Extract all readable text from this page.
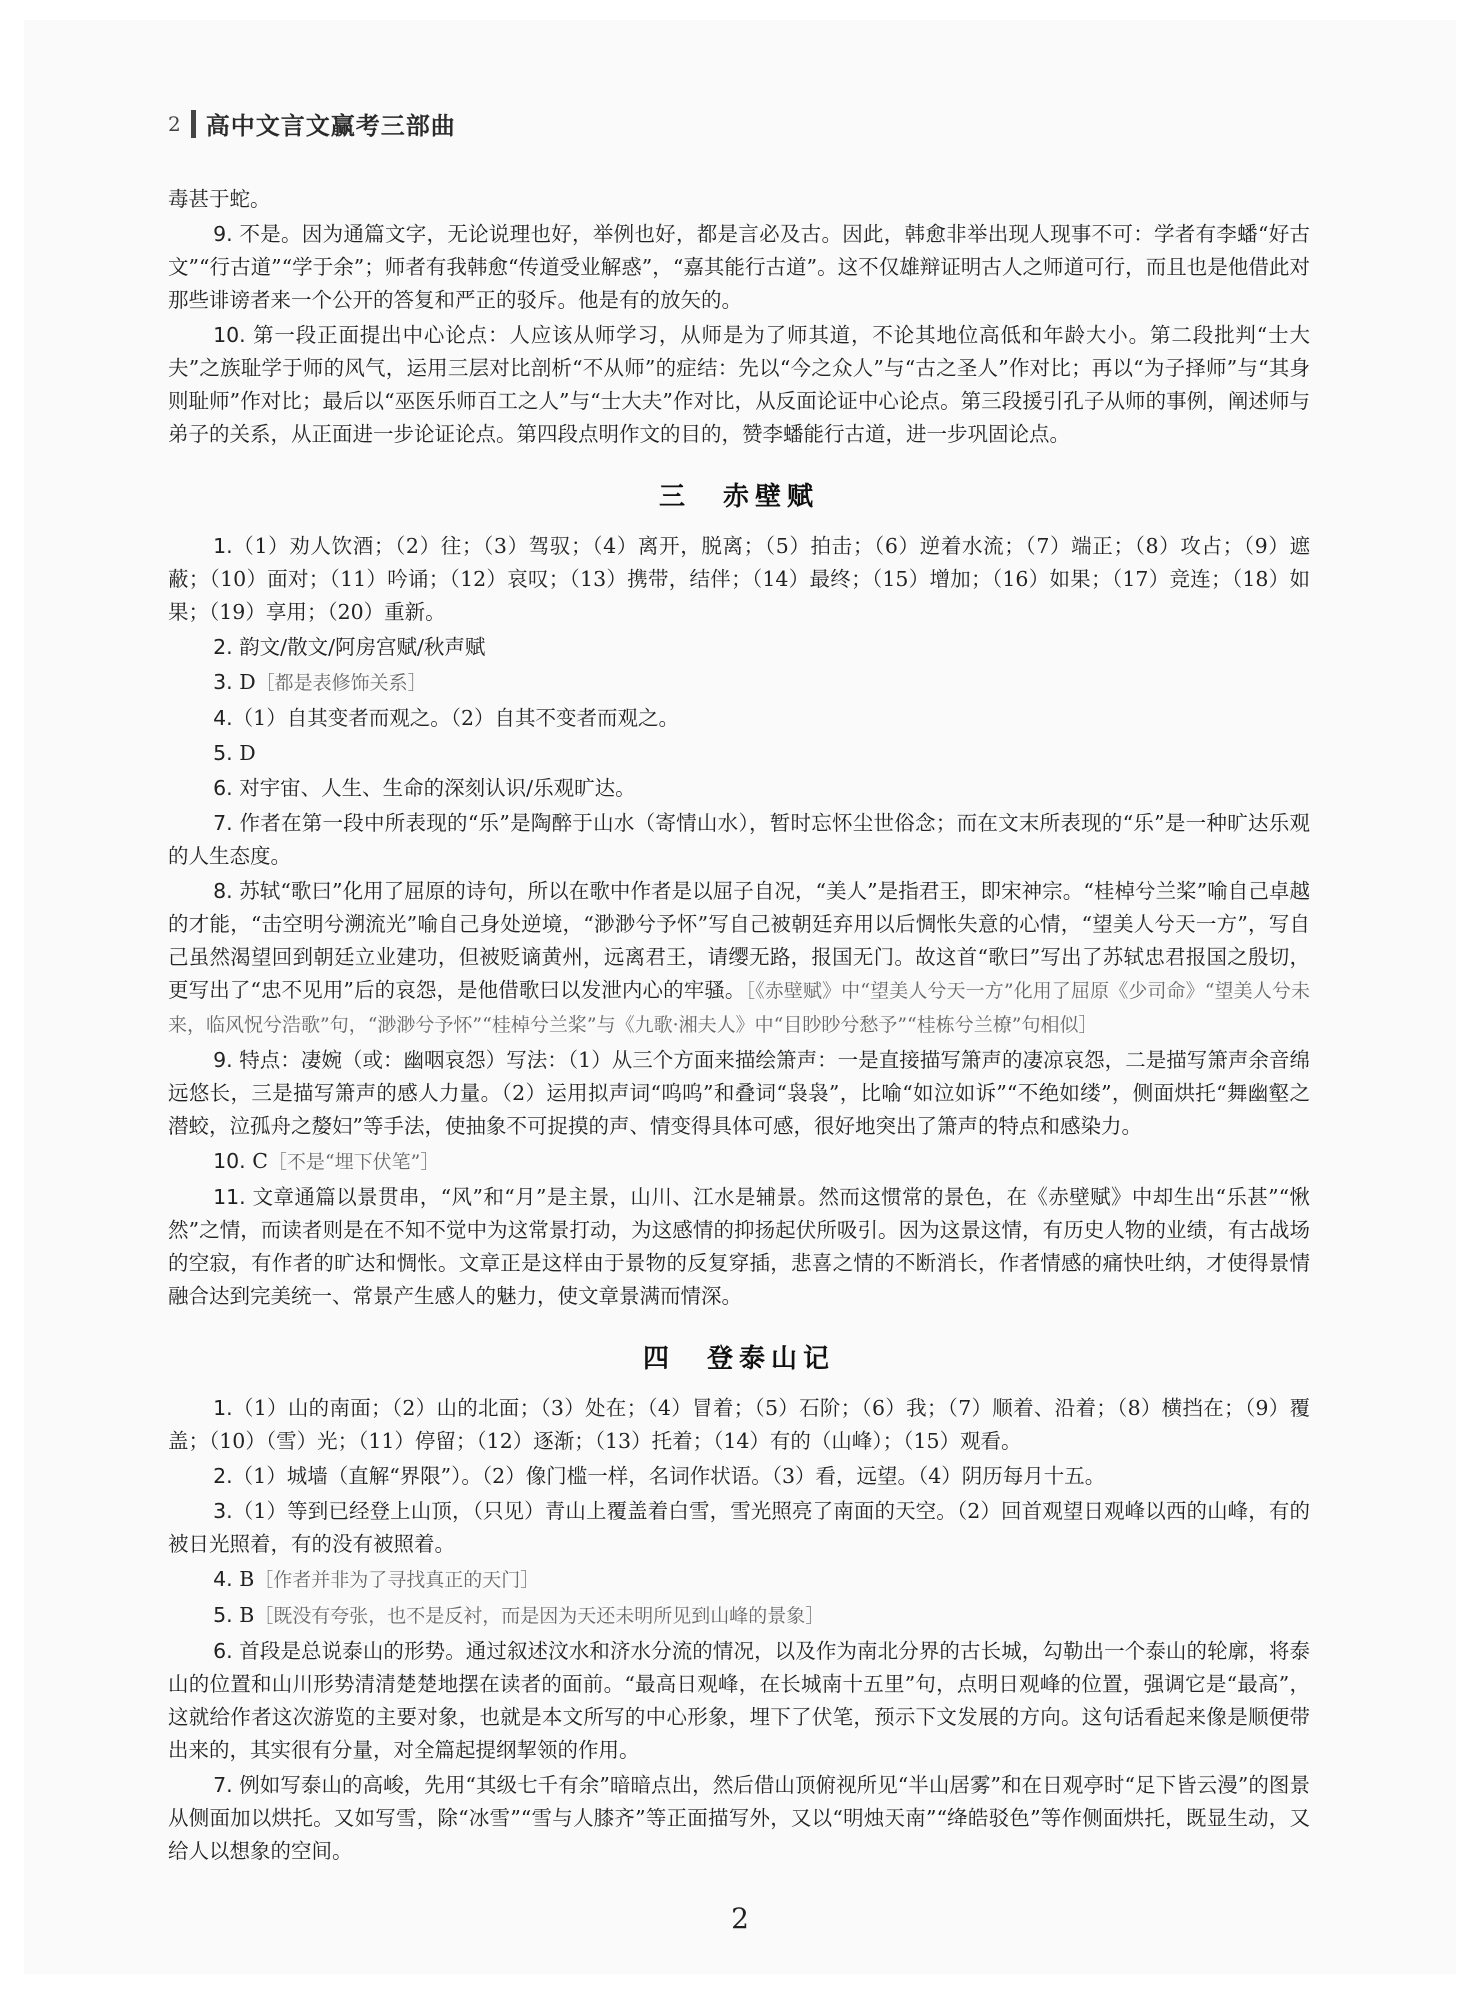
2 高中文言文赢考三部曲

毒甚于蛇。

9. 不是。因为通篇文字，无论说理也好，举例也好，都是言必及古。因此，韩愈非举出现人现事不可：学者有李蟠“好古文”“行古道”“学于余”；师者有我韩愈“传道受业解惑”，“嘉其能行古道”。这不仅雄辩证明古人之师道可行，而且也是他借此对那些诽谤者来一个公开的答复和严正的驳斥。他是有的放矢的。

10. 第一段正面提出中心论点：人应该从师学习，从师是为了师其道，不论其地位高低和年龄大小。第二段批判“士大夫”之族耻学于师的风气，运用三层对比剖析“不从师”的症结：先以“今之众人”与“古之圣人”作对比；再以“为子择师”与“其身则耻师”作对比；最后以“巫医乐师百工之人”与“士大夫”作对比，从反面论证中心论点。第三段援引孔子从师的事例，阐述师与弟子的关系，从正面进一步论证论点。第四段点明作文的目的，赞李蟠能行古道，进一步巩固论点。

三　赤壁赋

1.（1）劝人饮酒；（2）往；（3）驾驭；（4）离开，脱离；（5）拍击；（6）逆着水流；（7）端正；（8）攻占；（9）遮蔽；（10）面对；（11）吟诵；（12）哀叹；（13）携带，结伴；（14）最终；（15）增加；（16）如果；（17）竞连；（18）如果；（19）享用；（20）重新。

2. 韵文/散文/阿房宫赋/秋声赋

3. D［都是表修饰关系］

4.（1）自其变者而观之。（2）自其不变者而观之。

5. D

6. 对宇宙、人生、生命的深刻认识/乐观旷达。

7. 作者在第一段中所表现的“乐”是陶醉于山水（寄情山水），暂时忘怀尘世俗念；而在文末所表现的“乐”是一种旷达乐观的人生态度。

8. 苏轼“歌曰”化用了屈原的诗句，所以在歌中作者是以屈子自况，“美人”是指君王，即宋神宗。“桂棹兮兰桨”喻自己卓越的才能，“击空明兮溯流光”喻自己身处逆境，“渺渺兮予怀”写自己被朝廷弃用以后惆怅失意的心情，“望美人兮天一方”，写自己虽然渴望回到朝廷立业建功，但被贬谪黄州，远离君王，请缨无路，报国无门。故这首“歌曰”写出了苏轼忠君报国之殷切，更写出了“忠不见用”后的哀怨，是他借歌曰以发泄内心的牢骚。［《赤壁赋》中“望美人兮天一方”化用了屈原《少司命》“望美人兮未来，临风怳兮浩歌”句，“渺渺兮予怀”“桂棹兮兰桨”与《九歌·湘夫人》中“目眇眇兮愁予”“桂栋兮兰橑”句相似］

9. 特点：凄婉（或：幽咽哀怨）写法：（1）从三个方面来描绘箫声：一是直接描写箫声的凄凉哀怨，二是描写箫声余音绵远悠长，三是描写箫声的感人力量。（2）运用拟声词“呜呜”和叠词“袅袅”，比喻“如泣如诉”“不绝如缕”，侧面烘托“舞幽壑之潜蛟，泣孤舟之嫠妇”等手法，使抽象不可捉摸的声、情变得具体可感，很好地突出了箫声的特点和感染力。

10. C［不是“埋下伏笔”］

11. 文章通篇以景贯串，“风”和“月”是主景，山川、江水是辅景。然而这惯常的景色，在《赤壁赋》中却生出“乐甚”“愀然”之情，而读者则是在不知不觉中为这常景打动，为这感情的抑扬起伏所吸引。因为这景这情，有历史人物的业绩，有古战场的空寂，有作者的旷达和惆怅。文章正是这样由于景物的反复穿插，悲喜之情的不断消长，作者情感的痛快吐纳，才使得景情融合达到完美统一、常景产生感人的魅力，使文章景满而情深。

四　登泰山记

1.（1）山的南面；（2）山的北面；（3）处在；（4）冒着；（5）石阶；（6）我；（7）顺着、沿着；（8）横挡在；（9）覆盖；（10）（雪）光；（11）停留；（12）逐渐；（13）托着；（14）有的（山峰）；（15）观看。

2.（1）城墙（直解“界限”）。（2）像门槛一样，名词作状语。（3）看，远望。（4）阴历每月十五。

3.（1）等到已经登上山顶，（只见）青山上覆盖着白雪，雪光照亮了南面的天空。（2）回首观望日观峰以西的山峰，有的被日光照着，有的没有被照着。

4. B［作者并非为了寻找真正的天门］

5. B［既没有夸张，也不是反衬，而是因为天还未明所见到山峰的景象］

6. 首段是总说泰山的形势。通过叙述汶水和济水分流的情况，以及作为南北分界的古长城，勾勒出一个泰山的轮廓，将泰山的位置和山川形势清清楚楚地摆在读者的面前。“最高日观峰，在长城南十五里”句，点明日观峰的位置，强调它是“最高”，这就给作者这次游览的主要对象，也就是本文所写的中心形象，埋下了伏笔，预示下文发展的方向。这句话看起来像是顺便带出来的，其实很有分量，对全篇起提纲挈领的作用。

7. 例如写泰山的高峻，先用“其级七千有余”暗暗点出，然后借山顶俯视所见“半山居雾”和在日观亭时“足下皆云漫”的图景从侧面加以烘托。又如写雪，除“冰雪”“雪与人膝齐”等正面描写外，又以“明烛天南”“绛皓驳色”等作侧面烘托，既显生动，又给人以想象的空间。

2
